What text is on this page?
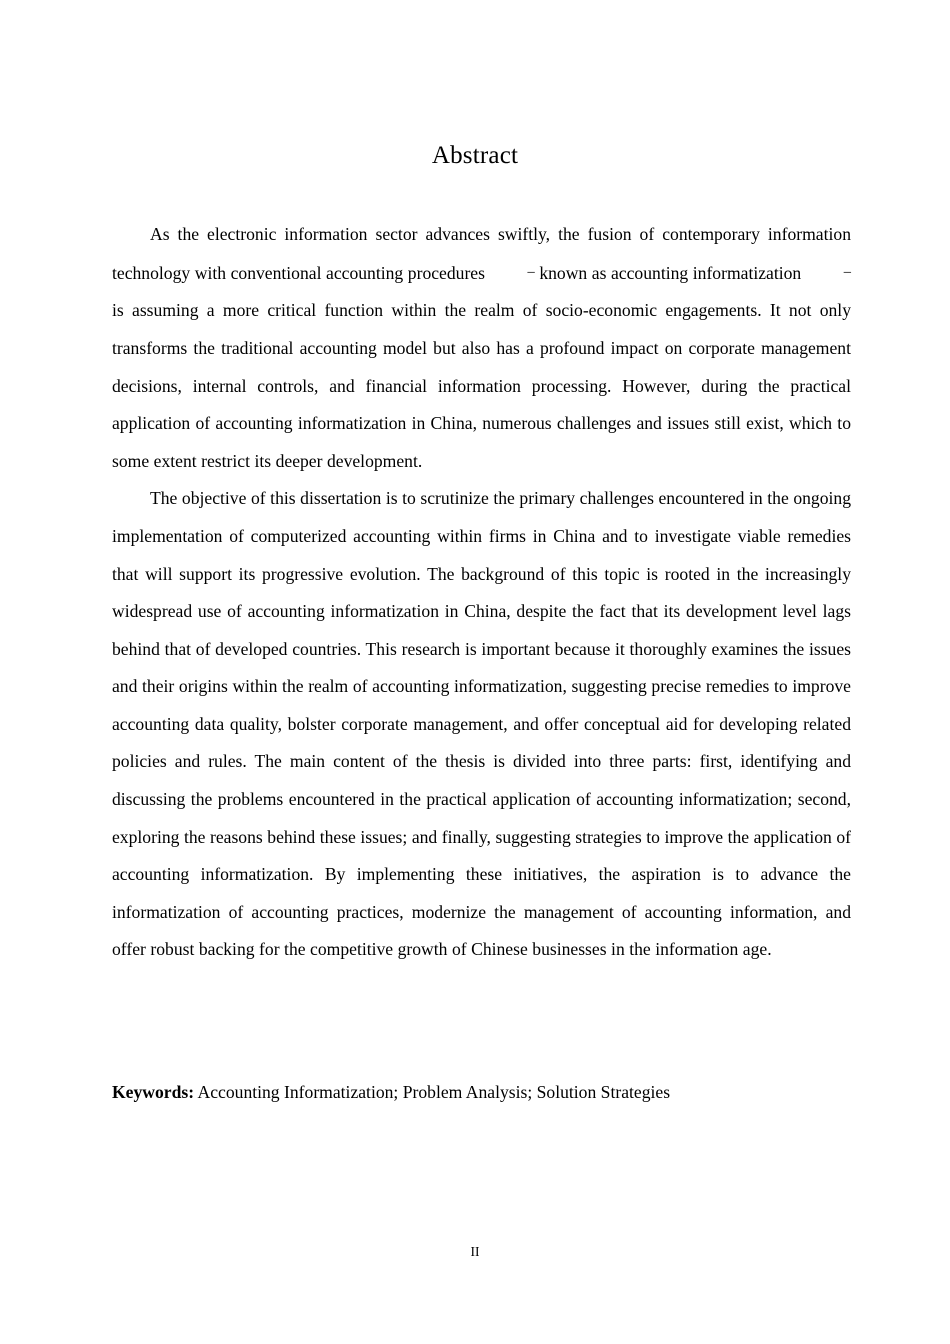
Abstract

As the electronic information sector advances swiftly, the fusion of contemporary information technology with conventional accounting procedures	– known as accounting informatization	– is assuming a more critical function within the realm of socio-economic engagements. It not only transforms the traditional accounting model but also has a profound impact on corporate management decisions, internal controls, and financial information processing. However, during the practical application of accounting informatization in China, numerous challenges and issues still exist, which to some extent restrict its deeper development.

The objective of this dissertation is to scrutinize the primary challenges encountered in the ongoing implementation of computerized accounting within firms in China and to investigate viable remedies that will support its progressive evolution. The background of this topic is rooted in the increasingly widespread use of accounting informatization in China, despite the fact that its development level lags behind that of developed countries. This research is important because it thoroughly examines the issues and their origins within the realm of accounting informatization, suggesting precise remedies to improve accounting data quality, bolster corporate management, and offer conceptual aid for developing related policies and rules. The main content of the thesis is divided into three parts: first, identifying and discussing the problems encountered in the practical application of accounting informatization; second, exploring the reasons behind these issues; and finally, suggesting strategies to improve the application of accounting informatization. By implementing these initiatives, the aspiration is to advance the informatization of accounting practices, modernize the management of accounting information, and offer robust backing for the competitive growth of Chinese businesses in the information age.

Keywords: Accounting Informatization; Problem Analysis; Solution Strategies
II
